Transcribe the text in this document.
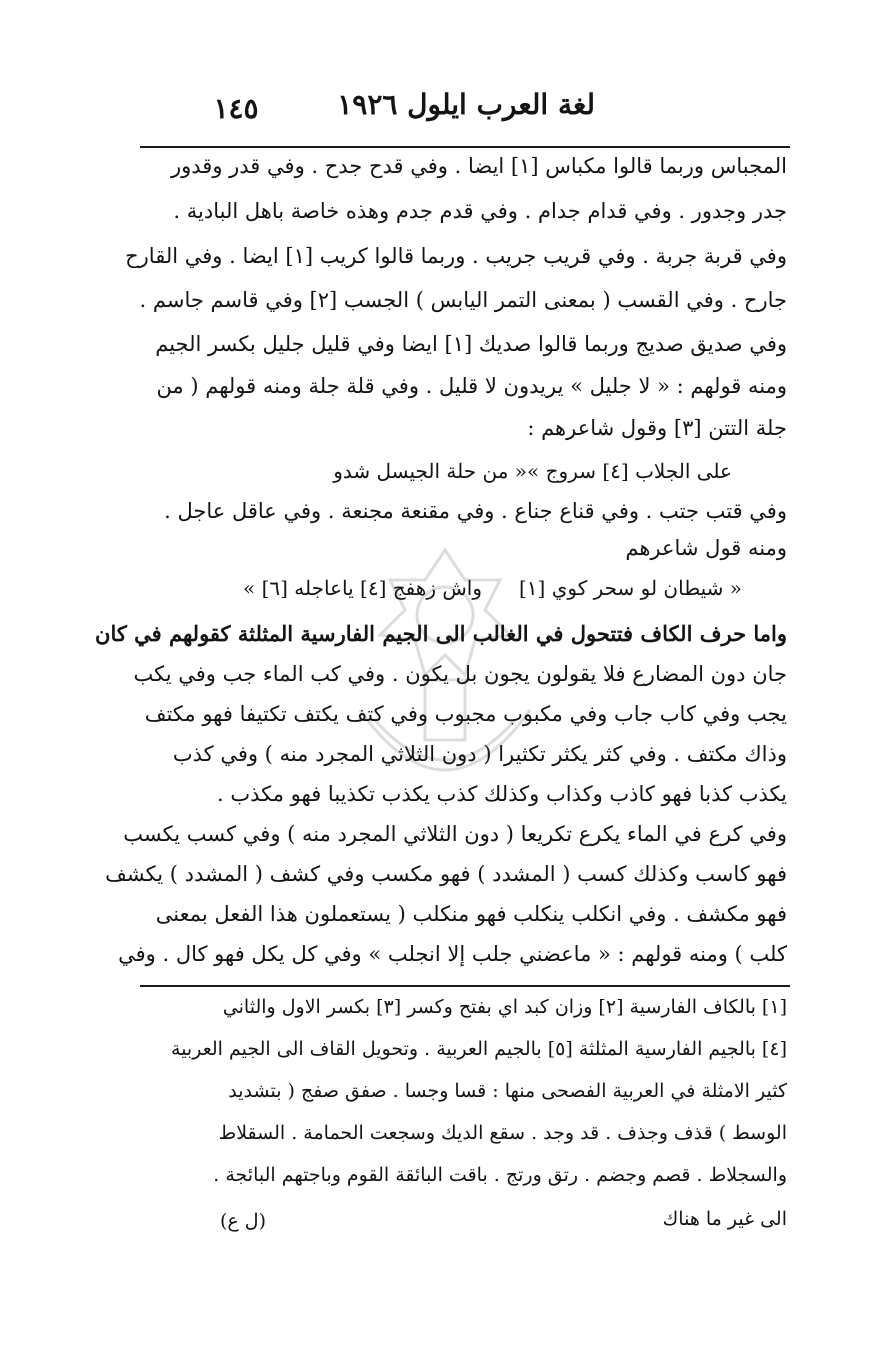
١٤٥	لغة العرب ايلول ١٩٢٦
المجباس وربما قالوا مكباس [١] ايضا . وفي قدح جدح . وفي قدر وقدور
جدر وجدور . وفي قدام جدام . وفي قدم جدم وهذه خاصة باهل البادية .
وفي قربة جربة . وفي قريب جريب . وربما قالوا كريب [١] ايضا . وفي القارح
جارح . وفي القسب ( بمعنى التمر اليابس ) الجسب [٢] وفي قاسم جاسم .
وفي صديق صديج وربما قالوا صديك [١] ايضا وفي قليل جليل بكسر الجيم
ومنه قولهم : « لا جليل » يريدون لا قليل . وفي قلة جلة ومنه قولهم ( من
جلة التتن [٣] وقول شاعرهم :
« من حلة الجيسل شدو على الجلاب [٤] سروج »
وفي قتب جتب . وفي قناع جناع . وفي مقنعة مجنعة . وفي عاقل عاجل .
ومنه قول شاعرهم
« شيطان لو سحر كوي [١]
واش زهفج [٤] ياعاجله [٦] »
واما حرف الكاف فتتحول في الغالب الى الجيم الفارسية المثلثة كقولهم في كان
جان دون المضارع فلا يقولون يجون بل يكون . وفي كب الماء جب وفي يكب
يجب وفي كاب جاب وفي مكبوب مجبوب وفي كتف يكتف تكتيفا فهو مكتف
وذاك مكتف . وفي كثر يكثر تكثيرا ( دون الثلاثي المجرد منه ) وفي كذب
يكذب كذبا فهو كاذب وكذاب وكذلك كذب يكذب تكذيبا فهو مكذب .
وفي كرع في الماء يكرع تكريعا ( دون الثلاثي المجرد منه ) وفي كسب يكسب
فهو كاسب وكذلك كسب ( المشدد ) فهو مكسب وفي كشف ( المشدد ) يكشف
فهو مكشف . وفي انكلب ينكلب فهو منكلب ( يستعملون هذا الفعل بمعنى
كلب ) ومنه قولهم : « ماعضني جلب إلا انجلب » وفي كل يكل فهو كال . وفي
[١] بالكاف الفارسية [٢] وزان كبد اي بفتح وكسر [٣] بكسر الاول والثاني
[٤] بالجيم الفارسية المثلثة [٥] بالجيم العربية . وتحويل القاف الى الجيم العربية
كثير الامثلة في العربية الفصحى منها : قسا وجسا . صفق صفج ( بتشديد
الوسط ) قذف وجذف . قد وجد . سقع الديك وسجعت الحمامة . السقلاط
والسجلاط . قصم وجضم . رتق ورتج . باقت البائقة القوم وباجتهم البائجة .
الى غير ما هناك
(ل ع)
